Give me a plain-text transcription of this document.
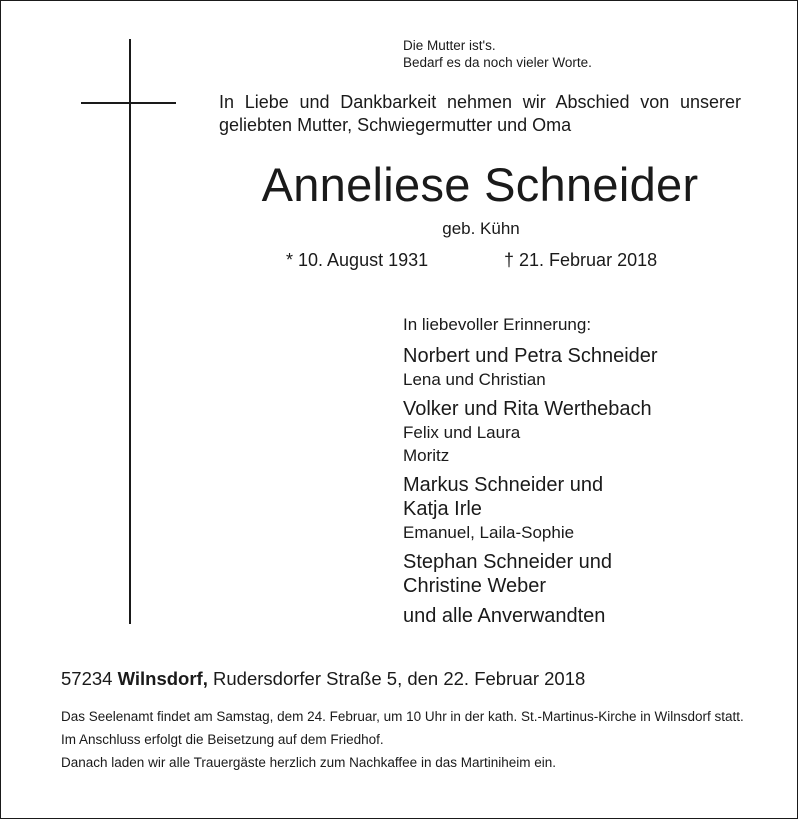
Die Mutter ist's.
Bedarf es da noch vieler Worte.
In Liebe und Dankbarkeit nehmen wir Abschied von unserer geliebten Mutter, Schwiegermutter und Oma
Anneliese Schneider
geb. Kühn
* 10. August 1931	† 21. Februar 2018
In liebevoller Erinnerung:
Norbert und Petra Schneider
Lena und Christian
Volker und Rita Werthebach
Felix und Laura
Moritz
Markus Schneider und
Katja Irle
Emanuel, Laila-Sophie
Stephan Schneider und
Christine Weber
und alle Anverwandten
57234 Wilnsdorf, Rudersdorfer Straße 5, den 22. Februar 2018

Das Seelenamt findet am Samstag, dem 24. Februar, um 10 Uhr in der kath. St.-Martinus-Kirche in Wilnsdorf statt.

Im Anschluss erfolgt die Beisetzung auf dem Friedhof.

Danach laden wir alle Trauergäste herzlich zum Nachkaffee in das Martiniheim ein.
